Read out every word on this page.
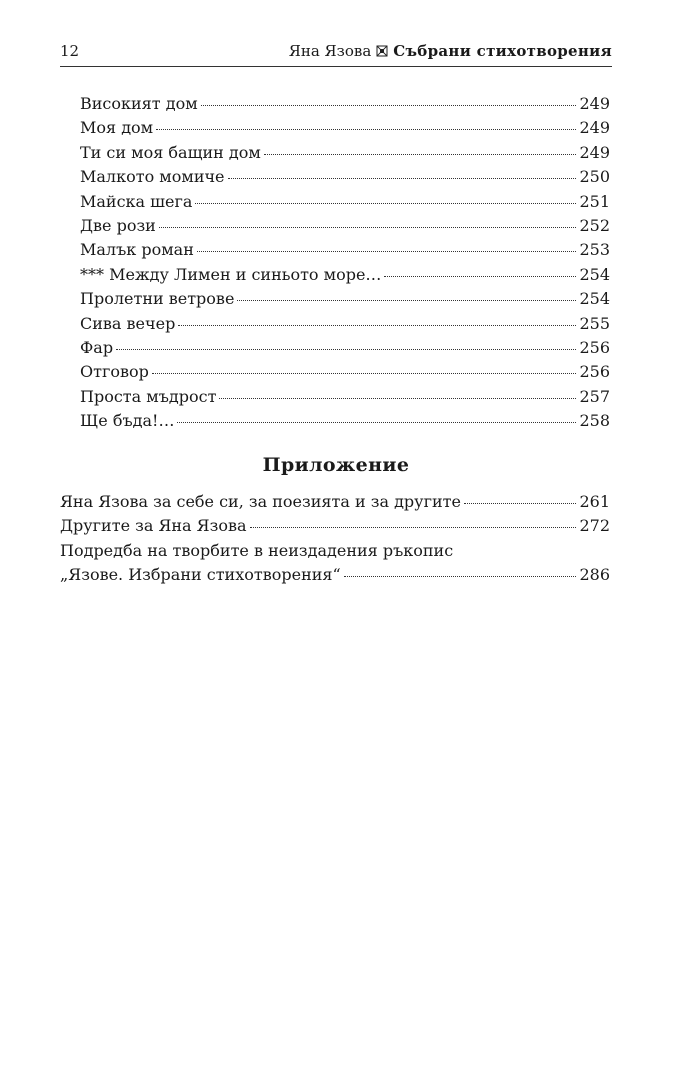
12	Яна Язова Събрани стихотворения
Високият дом	249
Моя дом	249
Ти си моя бащин дом	249
Малкото момиче	250
Майска шега	251
Две рози	252
Малък роман	253
*** Между Лимен и синьото море…	254
Пролетни ветрове	254
Сива вечер	255
Фар	256
Отговор	256
Проста мъдрост	257
Ще бъда!…	258
Приложение
Яна Язова за себе си, за поезията и за другите	261
Другите за Яна Язова	272
Подредба на творбите в неиздадения ръкопис
„Язове. Избрани стихотворения“	286
